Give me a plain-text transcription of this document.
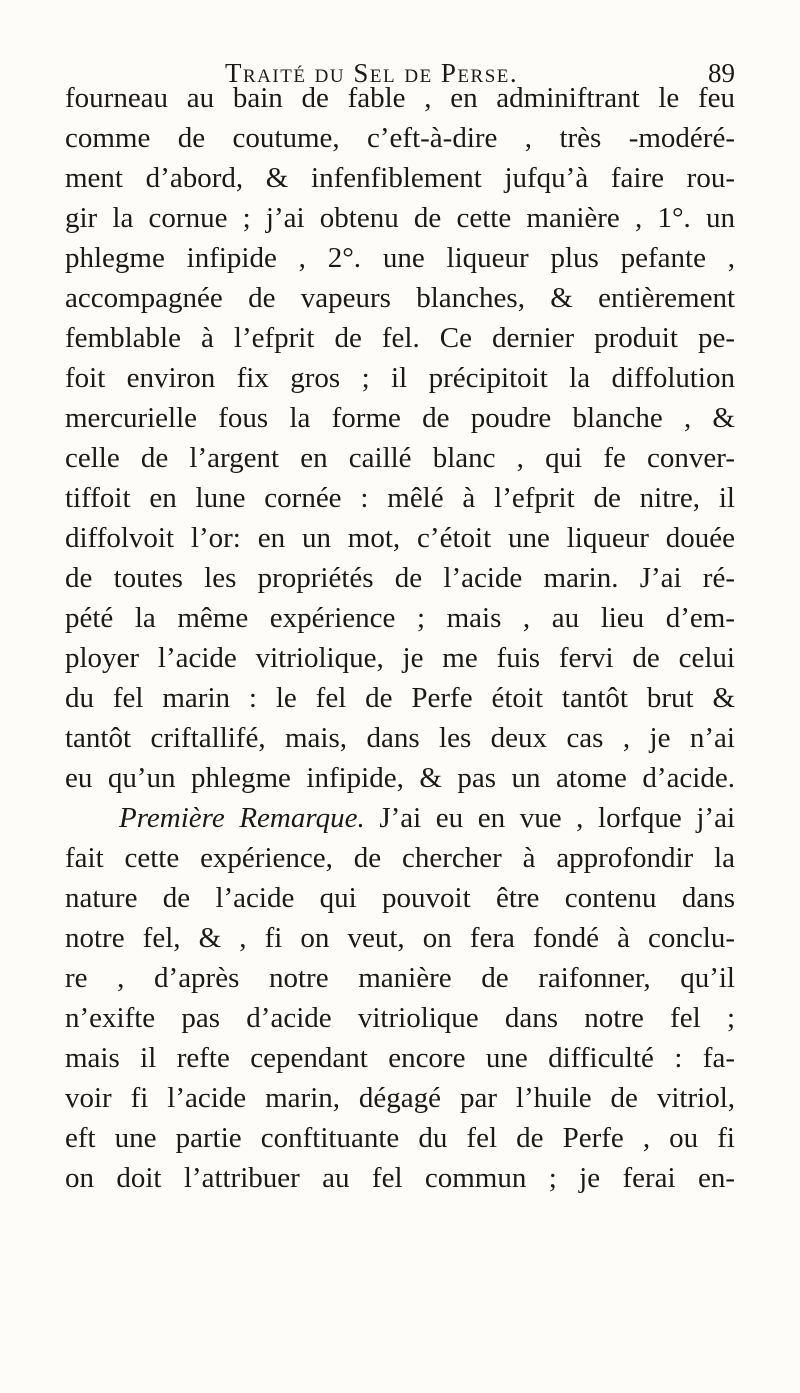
Traité du Sel de Perse.	89
fourneau au bain de fable , en adminiftrant le feu
comme de coutume, c’eft-à-dire , très -modéré-
ment d’abord, & infenfiblement jufqu’à faire rou-
gir la cornue ; j’ai obtenu de cette manière , 1°. un
phlegme infipide , 2°. une liqueur plus pefante ,
accompagnée de vapeurs blanches, & entièrement
femblable à l’efprit de fel. Ce dernier produit pe-
foit environ fix gros ; il précipitoit la diffolution
mercurielle fous la forme de poudre blanche , &
celle de l’argent en caillé blanc , qui fe conver-
tiffoit en lune cornée : mêlé à l’efprit de nitre, il
diffolvoit l’or: en un mot, c’étoit une liqueur douée
de toutes les propriétés de l’acide marin. J’ai ré-
pété la même expérience ; mais , au lieu d’em-
ployer l’acide vitriolique, je me fuis fervi de celui
du fel marin : le fel de Perfe étoit tantôt brut &
tantôt criftallifé, mais, dans les deux cas , je n’ai
eu qu’un phlegme infipide, & pas un atome d’acide.
Première Remarque. J’ai eu en vue , lorfque j’ai
fait cette expérience, de chercher à approfondir la
nature de l’acide qui pouvoit être contenu dans
notre fel, & , fi on veut, on fera fondé à conclu-
re , d’après notre manière de raifonner, qu’il
n’exifte pas d’acide vitriolique dans notre fel ;
mais il refte cependant encore une difficulté : fa-
voir fi l’acide marin, dégagé par l’huile de vitriol,
eft une partie conftituante du fel de Perfe , ou fi
on doit l’attribuer au fel commun ; je ferai en-
